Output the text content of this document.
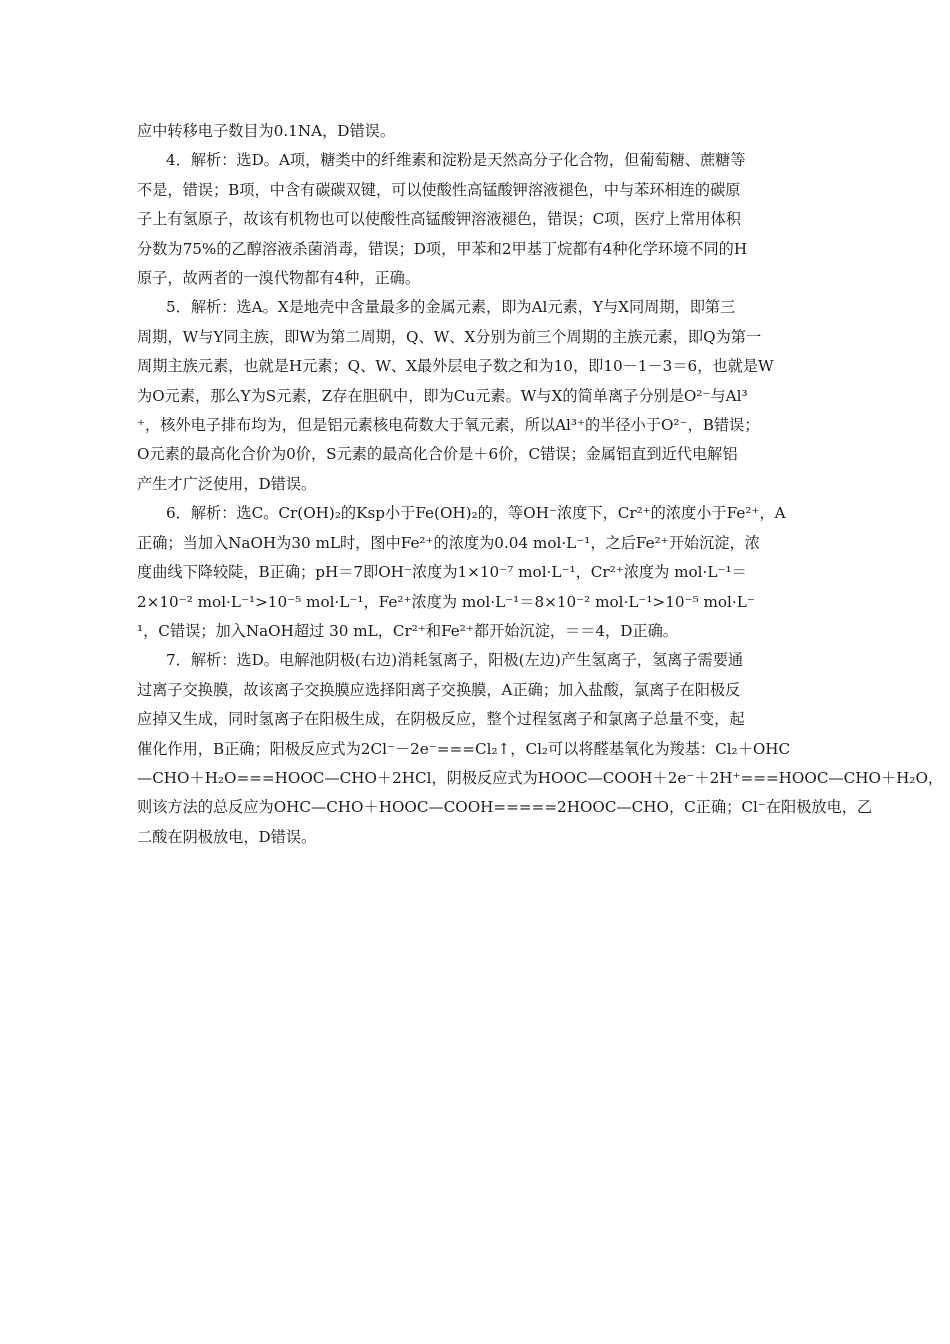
应中转移电子数目为0.1NA，D错误。
4．解析：选D。A项，糖类中的纤维素和淀粉是天然高分子化合物，但葡萄糖、蔗糖等
不是，错误；B项，中含有碳碳双键，可以使酸性高锰酸钾溶液褪色，中与苯环相连的碳原
子上有氢原子，故该有机物也可以使酸性高锰酸钾溶液褪色，错误；C项，医疗上常用体积
分数为75%的乙醇溶液杀菌消毒，错误；D项，甲苯和2甲基丁烷都有4种化学环境不同的H
原子，故两者的一溴代物都有4种，正确。
5．解析：选A。X是地壳中含量最多的金属元素，即为Al元素，Y与X同周期，即第三
周期，W与Y同主族，即W为第二周期，Q、W、X分别为前三个周期的主族元素，即Q为第一
周期主族元素，也就是H元素；Q、W、X最外层电子数之和为10，即10－1－3＝6，也就是W
为O元素，那么Y为S元素，Z存在胆矾中，即为Cu元素。W与X的简单离子分别是O²⁻与Al³
⁺，核外电子排布均为，但是铝元素核电荷数大于氧元素，所以Al³⁺的半径小于O²⁻，B错误；
O元素的最高化合价为0价，S元素的最高化合价是＋6价，C错误；金属铝直到近代电解铝
产生才广泛使用，D错误。
6．解析：选C。Cr(OH)₂的Ksp小于Fe(OH)₂的，等OH⁻浓度下，Cr²⁺的浓度小于Fe²⁺，A
正确；当加入NaOH为30 mL时，图中Fe²⁺的浓度为0.04 mol·L⁻¹，之后Fe²⁺开始沉淀，浓
度曲线下降较陡，B正确；pH＝7即OH⁻浓度为1×10⁻⁷ mol·L⁻¹，Cr²⁺浓度为 mol·L⁻¹＝
2×10⁻² mol·L⁻¹>10⁻⁵ mol·L⁻¹，Fe²⁺浓度为 mol·L⁻¹＝8×10⁻² mol·L⁻¹>10⁻⁵ mol·L⁻
¹，C错误；加入NaOH超过 30 mL，Cr²⁺和Fe²⁺都开始沉淀，＝＝4，D正确。
7．解析：选D。电解池阴极(右边)消耗氢离子，阳极(左边)产生氢离子，氢离子需要通
过离子交换膜，故该离子交换膜应选择阳离子交换膜，A正确；加入盐酸，氯离子在阳极反
应掉又生成，同时氢离子在阳极生成，在阴极反应，整个过程氢离子和氯离子总量不变，起
催化作用，B正确；阳极反应式为2Cl⁻－2e⁻===Cl₂↑，Cl₂可以将醛基氧化为羧基：Cl₂＋OHC
—CHO＋H₂O===HOOC—CHO＋2HCl，阴极反应式为HOOC—COOH＋2e⁻＋2H⁺===HOOC—CHO＋H₂O，
则该方法的总反应为OHC—CHO＋HOOC—COOH=====2HOOC—CHO，C正确；Cl⁻在阳极放电，乙
二酸在阴极放电，D错误。
